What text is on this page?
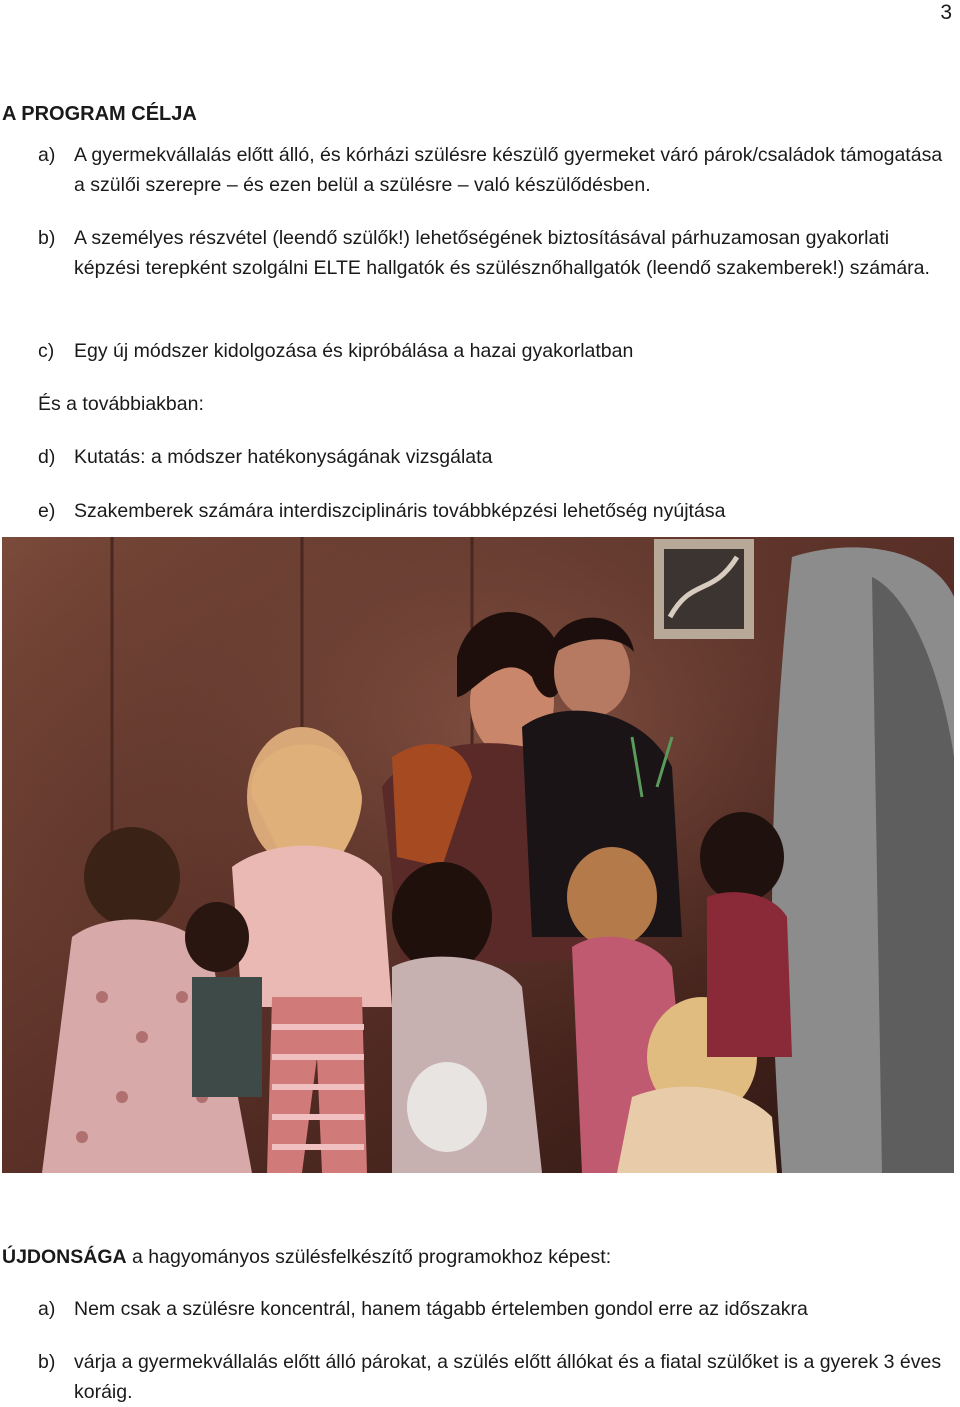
3
A PROGRAM CÉLJA
a) A gyermekvállalás előtt álló, és kórházi szülésre készülő gyermeket váró párok/családok támogatása a szülői szerepre – és ezen belül a szülésre – való készülődésben.
b) A személyes részvétel (leendő szülők!) lehetőségének biztosításával párhuzamosan gyakorlati képzési terepként szolgálni ELTE hallgatók és szülésznőhallgatók (leendő szakemberek!) számára.
c)	Egy új módszer kidolgozása és kipróbálása a hazai gyakorlatban
És a továbbiakban:
d) Kutatás: a módszer hatékonyságának vizsgálata
e) Szakemberek számára interdiszciplináris továbbképzési lehetőség nyújtása
ÚJDONSÁGA a hagyományos szülésfelkészítő programokhoz képest:
a) Nem csak a szülésre koncentrál, hanem tágabb értelemben gondol erre az időszakra
b) várja a gyermekvállalás előtt álló párokat, a szülés előtt állókat és a fiatal szülőket is a gyerek 3 éves koráig.
